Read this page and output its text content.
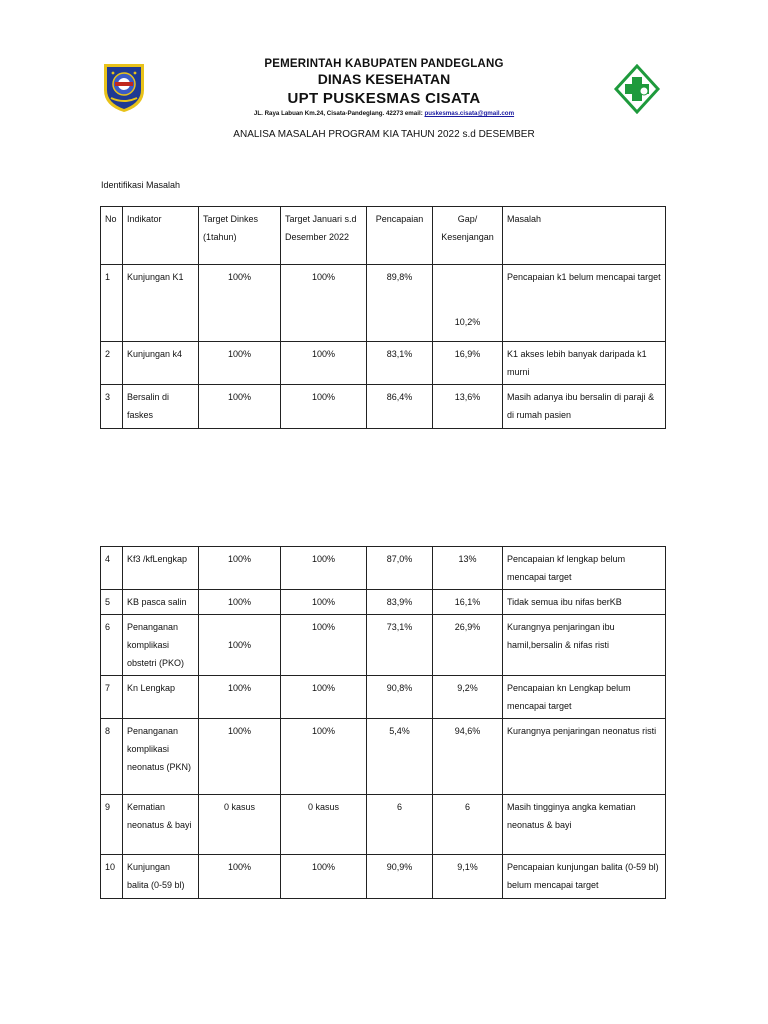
PEMERINTAH KABUPATEN PANDEGLANG
DINAS KESEHATAN
UPT PUSKESMAS CISATA
JL. Raya Labuan Km.24, Cisata-Pandeglang. 42273 email: puskesmas.cisata@gmail.com
ANALISA MASALAH PROGRAM KIA TAHUN 2022 s.d DESEMBER
Identifikasi Masalah
No	Indikator	Target Dinkes (1tahun)	Target Januari s.d Desember 2022	Pencapaian	Gap/ Kesenjangan	Masalah
1	Kunjungan K1	100%	100%	89,8%	10,2%	Pencapaian k1 belum mencapai target
2	Kunjungan k4	100%	100%	83,1%	16,9%	K1 akses lebih banyak daripada k1 murni
3	Bersalin di faskes	100%	100%	86,4%	13,6%	Masih adanya ibu bersalin di paraji & di rumah pasien
4	Kf3 /kfLengkap	100%	100%	87,0%	13%	Pencapaian kf lengkap belum mencapai target
5	KB pasca salin	100%	100%	83,9%	16,1%	Tidak semua ibu nifas berKB
6	Penanganan komplikasi obstetri (PKO)	100%	100%	73,1%	26,9%	Kurangnya penjaringan ibu hamil,bersalin & nifas risti
7	Kn Lengkap	100%	100%	90,8%	9,2%	Pencapaian kn Lengkap belum mencapai target
8	Penanganan komplikasi neonatus (PKN)	100%	100%	5,4%	94,6%	Kurangnya penjaringan neonatus risti
9	Kematian neonatus & bayi	0 kasus	0 kasus	6	6	Masih tingginya angka kematian neonatus & bayi
10	Kunjungan balita (0-59 bl)	100%	100%	90,9%	9,1%	Pencapaian kunjungan balita (0-59 bl) belum mencapai target
